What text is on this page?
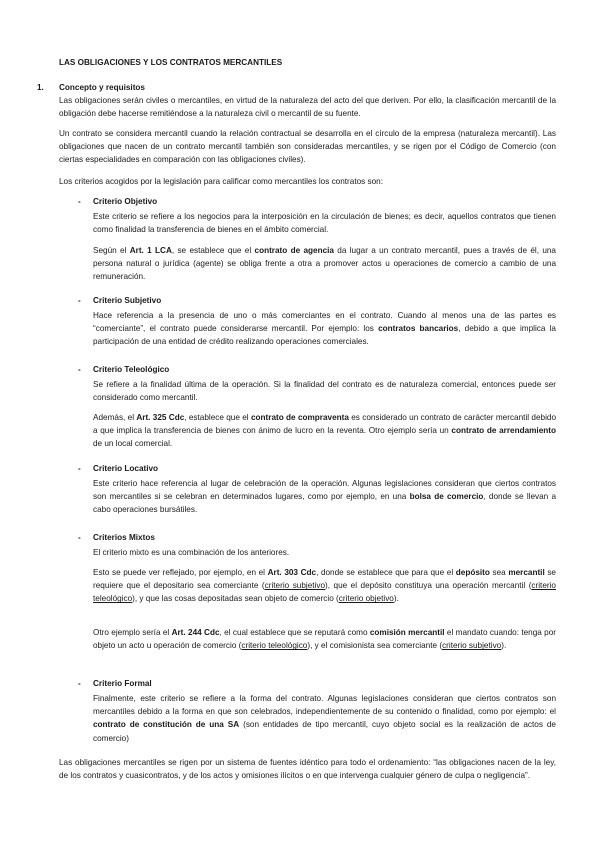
LAS OBLIGACIONES Y LOS CONTRATOS MERCANTILES
1. Concepto y requisitos

Las obligaciones serán civiles o mercantiles, en virtud de la naturaleza del acto del que deriven. Por ello, la clasificación mercantil de la obligación debe hacerse remitiéndose a la naturaleza civil o mercantil de su fuente.

Un contrato se considera mercantil cuando la relación contractual se desarrolla en el círculo de la empresa (naturaleza mercantil). Las obligaciones que nacen de un contrato mercantil también son consideradas mercantiles, y se rigen por el Código de Comercio (con ciertas especialidades en comparación con las obligaciones civiles).

Los criterios acogidos por la legislación para calificar como mercantiles los contratos son:

- Criterio Objetivo

Este criterio se refiere a los negocios para la interposición en la circulación de bienes; es decir, aquellos contratos que tienen como finalidad la transferencia de bienes en el ámbito comercial.

Según el Art. 1 LCA, se establece que el contrato de agencia da lugar a un contrato mercantil, pues a través de él, una persona natural o jurídica (agente) se obliga frente a otra a promover actos u operaciones de comercio a cambio de una remuneración.

- Criterio Subjetivo

Hace referencia a la presencia de uno o más comerciantes en el contrato. Cuando al menos una de las partes es “comerciante”, el contrato puede considerarse mercantil. Por ejemplo: los contratos bancarios, debido a que implica la participación de una entidad de crédito realizando operaciones comerciales.

- Criterio Teleológico

Se refiere a la finalidad última de la operación. Si la finalidad del contrato es de naturaleza comercial, entonces puede ser considerado como mercantil.

Además, el Art. 325 Cdc, establece que el contrato de compraventa es considerado un contrato de carácter mercantil debido a que implica la transferencia de bienes con ánimo de lucro en la reventa. Otro ejemplo sería un contrato de arrendamiento de un local comercial.

- Criterio Locativo

Este criterio hace referencia al lugar de celebración de la operación. Algunas legislaciones consideran que ciertos contratos son mercantiles si se celebran en determinados lugares, como por ejemplo, en una bolsa de comercio, donde se llevan a cabo operaciones bursátiles.

- Criterios Mixtos

El criterio mixto es una combinación de los anteriores.

Esto se puede ver reflejado, por ejemplo, en el Art. 303 Cdc, donde se establece que para que el depósito sea mercantil se requiere que el depositario sea comerciante (criterio subjetivo), que el depósito constituya una operación mercantil (criterio teleológico), y que las cosas depositadas sean objeto de comercio (criterio objetivo).

Otro ejemplo sería el Art. 244 Cdc, el cual establece que se reputará como comisión mercantil el mandato cuando: tenga por objeto un acto u operación de comercio (criterio teleológico), y el comisionista sea comerciante (criterio subjetivo).

- Criterio Formal

Finalmente, este criterio se refiere a la forma del contrato. Algunas legislaciones consideran que ciertos contratos son mercantiles debido a la forma en que son celebrados, independientemente de su contenido o finalidad, como por ejemplo: el contrato de constitución de una SA (son entidades de tipo mercantil, cuyo objeto social es la realización de actos de comercio)

Las obligaciones mercantiles se rigen por un sistema de fuentes idéntico para todo el ordenamiento: “las obligaciones nacen de la ley, de los contratos y cuasicontratos, y de los actos y omisiones ilícitos o en que intervenga cualquier género de culpa o negligencia”.
